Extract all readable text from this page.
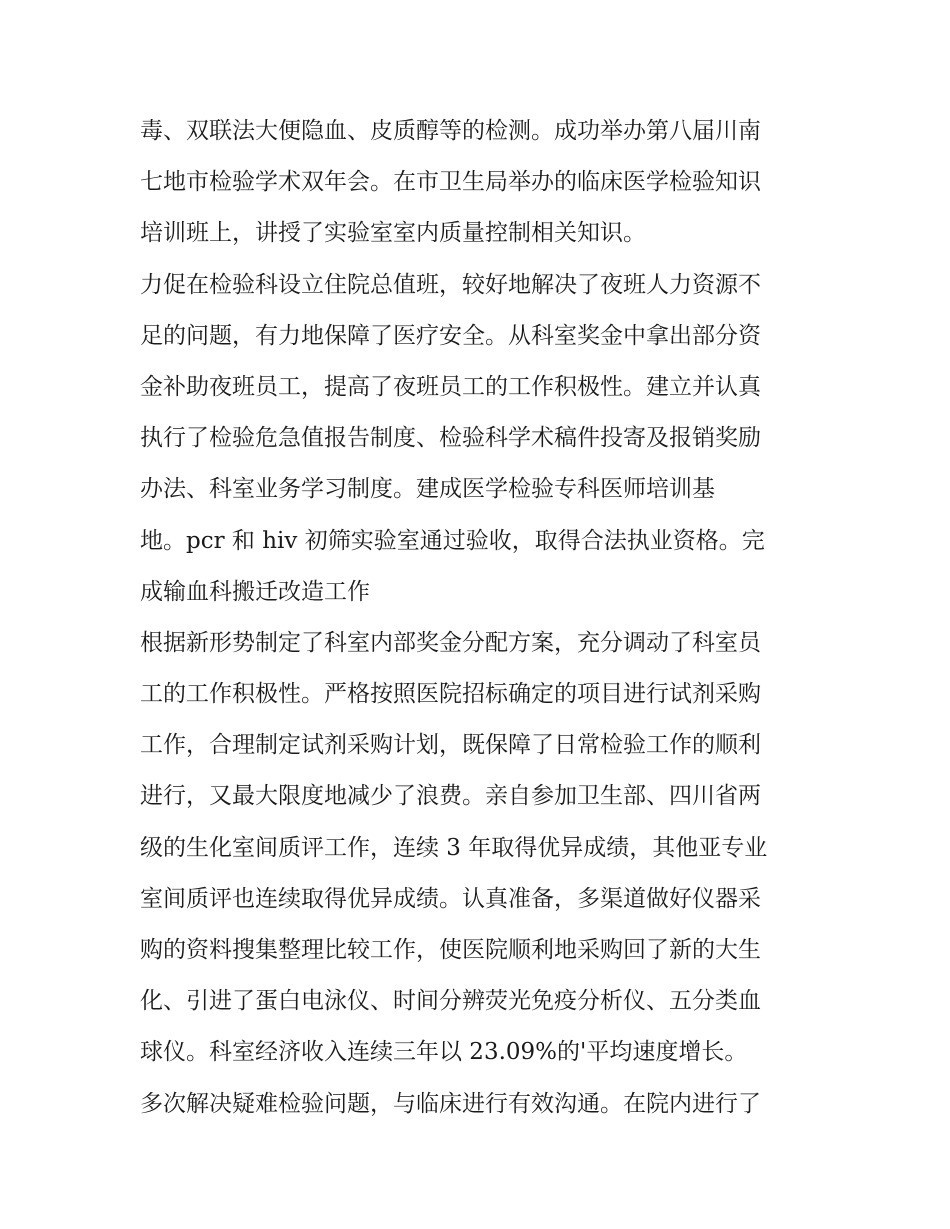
毒、双联法大便隐血、皮质醇等的检测。成功举办第八届川南

七地市检验学术双年会。在市卫生局举办的临床医学检验知识

培训班上，讲授了实验室室内质量控制相关知识。

力促在检验科设立住院总值班，较好地解决了夜班人力资源不

足的问题，有力地保障了医疗安全。从科室奖金中拿出部分资

金补助夜班员工，提高了夜班员工的工作积极性。建立并认真

执行了检验危急值报告制度、检验科学术稿件投寄及报销奖励

办法、科室业务学习制度。建成医学检验专科医师培训基

地。pcr 和 hiv 初筛实验室通过验收，取得合法执业资格。完

成输血科搬迁改造工作

根据新形势制定了科室内部奖金分配方案，充分调动了科室员

工的工作积极性。严格按照医院招标确定的项目进行试剂采购

工作，合理制定试剂采购计划，既保障了日常检验工作的顺利

进行，又最大限度地减少了浪费。亲自参加卫生部、四川省两

级的生化室间质评工作，连续 3 年取得优异成绩，其他亚专业

室间质评也连续取得优异成绩。认真准备，多渠道做好仪器采

购的资料搜集整理比较工作，使医院顺利地采购回了新的大生

化、引进了蛋白电泳仪、时间分辨荧光免疫分析仪、五分类血

球仪。科室经济收入连续三年以 23.09%的'平均速度增长。

多次解决疑难检验问题，与临床进行有效沟通。在院内进行了
